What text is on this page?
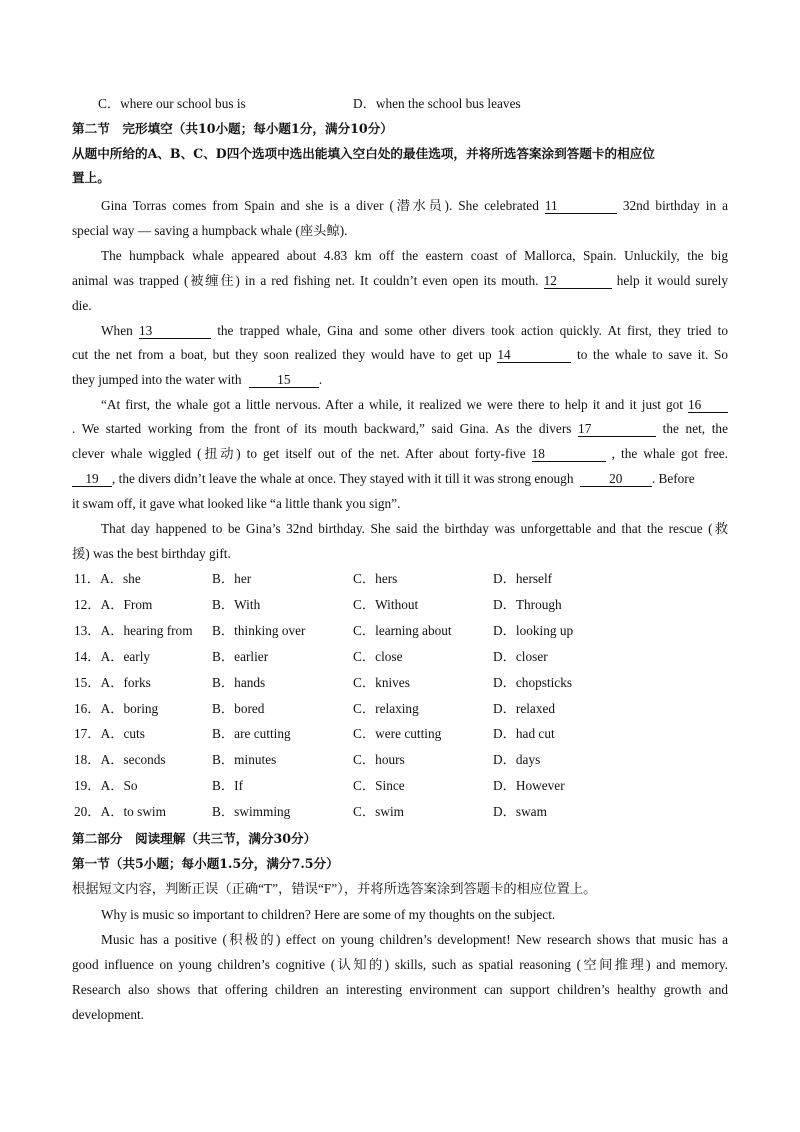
C．where our school bus is	D．when the school bus leaves
第二节　完形填空（共10小题；每小题1分，满分10分）
从题中所给的A、B、C、D四个选项中选出能填入空白处的最佳选项，并将所选答案涂到答题卡的相应位
置上。
Gina Torras comes from Spain and she is a diver (潜水员). She celebrated 11	32nd birthday in a
special way — saving a humpback whale (座头鲸).
The humpback whale appeared about 4.83 km off the eastern coast of Mallorca, Spain. Unluckily, the big
animal was trapped (被缠住) in a red fishing net. It couldn’t even open its mouth. 12	help it would surely
die.
When 13	the trapped whale, Gina and some other divers took action quickly. At first, they tried to
cut the net from a boat, but they soon realized they would have to get up 14	to the whale to save it. So
they jumped into the water with	15 .
“At first, the whale got a little nervous. After a while, it realized we were there to help it and it just got 16
. We started working from the front of its mouth backward,” said Gina. As the divers 17	the net, the
clever whale wiggled (扭动) to get itself out of the net. After about forty-five 18	, the whale got free.
19 , the divers didn’t leave the whale at once. They stayed with it till it was strong enough	20 . Before
it swam off, it gave what looked like “a little thank you sign”.
That day happened to be Gina’s 32nd birthday. She said the birthday was unforgettable and that the rescue (救
援) was the best birthday gift.
11．A．she	B．her	C．hers	D．herself
12．A．From	B．With	C．Without	D．Through
13．A．hearing from B．thinking over	C．learning about	D．looking up
14．A．early	B．earlier	C．close	D．closer
15．A．forks	B．hands	C．knives	D．chopsticks
16．A．boring	B．bored	C．relaxing	D．relaxed
17．A．cuts	B．are cutting	C．were cutting	D．had cut
18．A．seconds	B．minutes	C．hours	D．days
19．A．So	B．If	C．Since	D．However
20．A．to swim	B．swimming	C．swim	D．swam
第二部分　阅读理解（共三节，满分30分）
第一节（共5小题；每小题1.5分，满分7.5分）
根据短文内容，判断正误（正确“T”，错误“F”），并将所选答案涂到答题卡的相应位置上。
Why is music so important to children? Here are some of my thoughts on the subject.
Music has a positive (积极的) effect on young children’s development! New research shows that music has a
good influence on young children’s cognitive (认知的) skills, such as spatial reasoning (空间推理) and memory.
Research also shows that offering children an interesting environment can support children’s healthy growth and
development.
